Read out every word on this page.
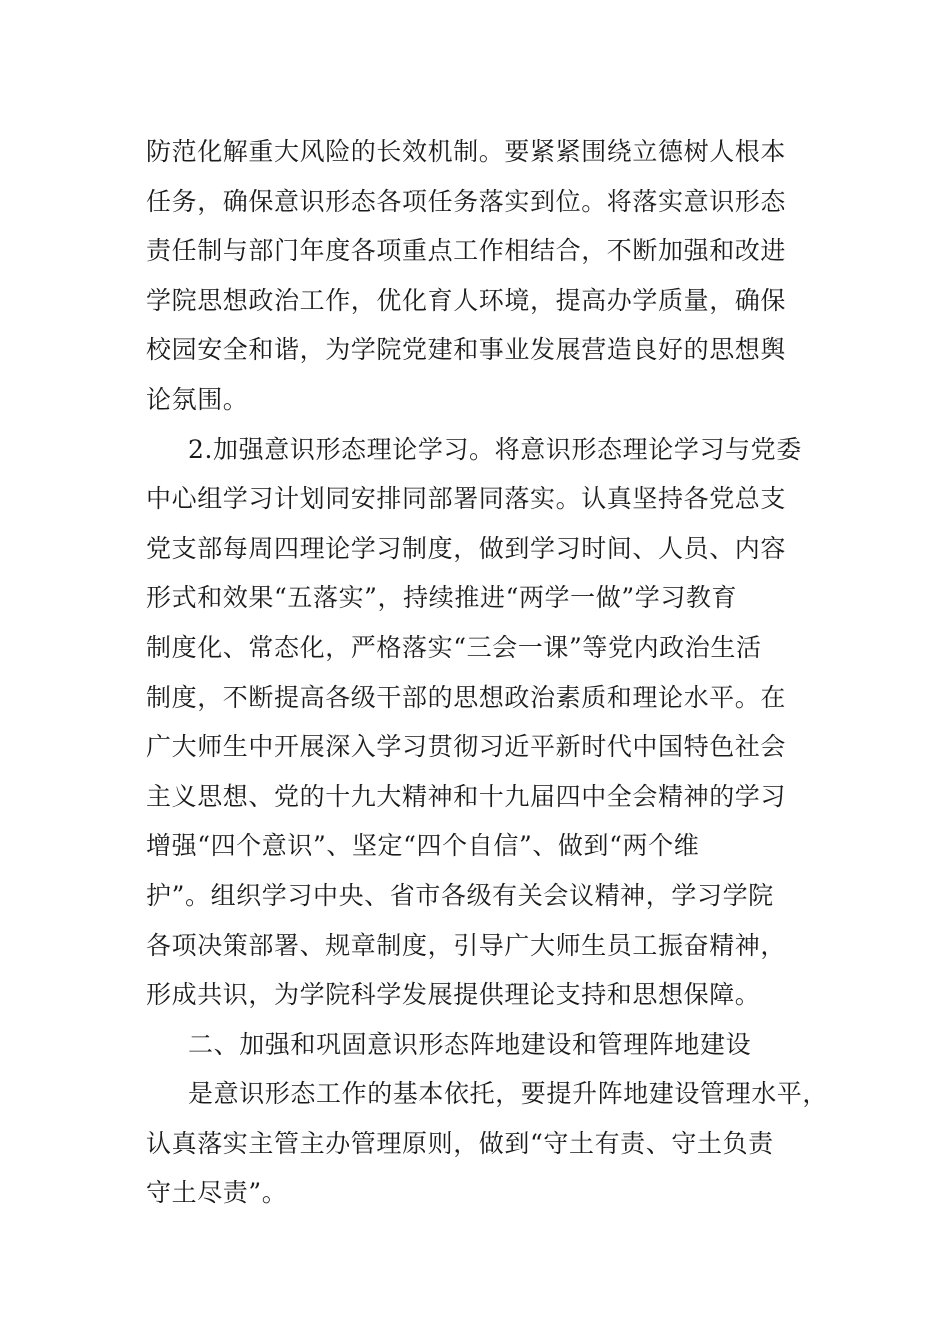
防范化解重大风险的长效机制。要紧紧围绕立德树人根本
任务，确保意识形态各项任务落实到位。将落实意识形态
责任制与部门年度各项重点工作相结合，不断加强和改进
学院思想政治工作，优化育人环境，提高办学质量，确保
校园安全和谐，为学院党建和事业发展营造良好的思想舆
论氛围。
2.加强意识形态理论学习。将意识形态理论学习与党委
中心组学习计划同安排同部署同落实。认真坚持各党总支
党支部每周四理论学习制度，做到学习时间、人员、内容
形式和效果“五落实”，持续推进“两学一做”学习教育
制度化、常态化，严格落实“三会一课”等党内政治生活
制度，不断提高各级干部的思想政治素质和理论水平。在
广大师生中开展深入学习贯彻习近平新时代中国特色社会
主义思想、党的十九大精神和十九届四中全会精神的学习
增强“四个意识”、坚定“四个自信”、做到“两个维
护”。组织学习中央、省市各级有关会议精神，学习学院
各项决策部署、规章制度，引导广大师生员工振奋精神，
形成共识，为学院科学发展提供理论支持和思想保障。
二、加强和巩固意识形态阵地建设和管理阵地建设
是意识形态工作的基本依托，要提升阵地建设管理水平，
认真落实主管主办管理原则，做到“守土有责、守土负责
守土尽责”。
